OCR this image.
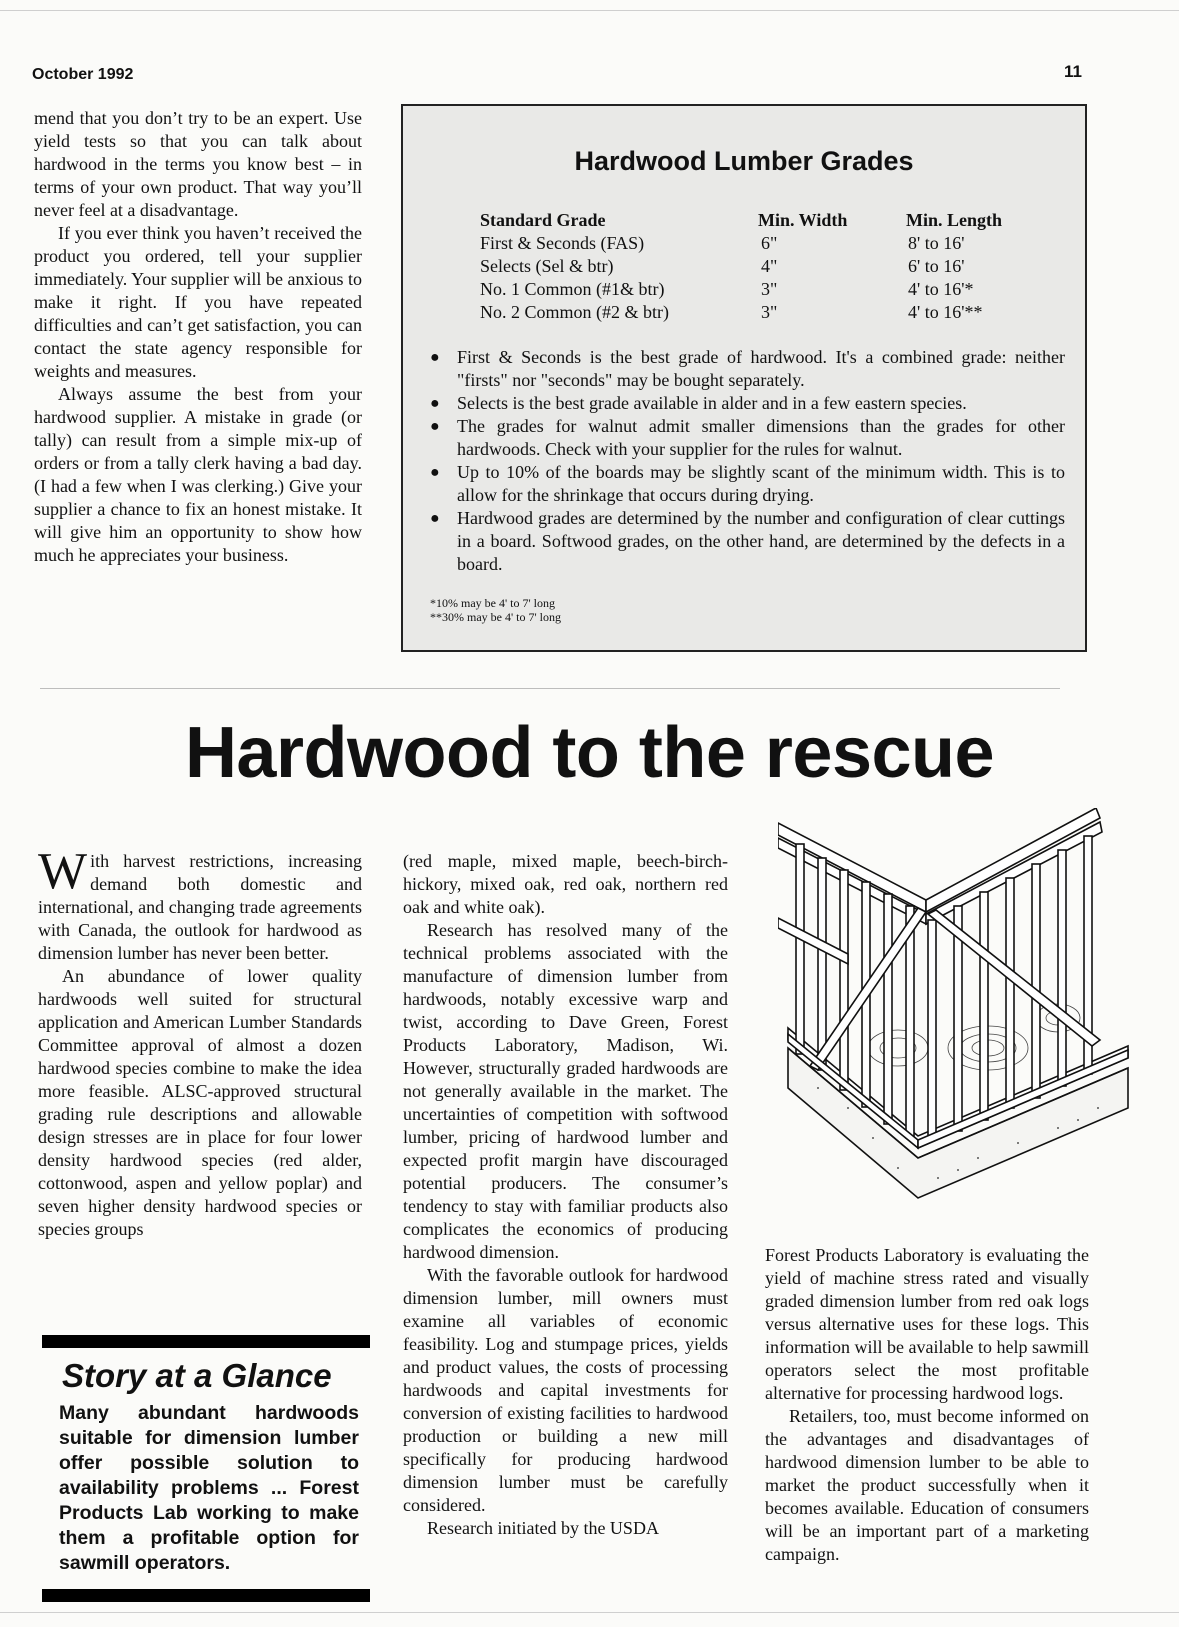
October 1992	11

mend that you don’t try to be an expert. Use yield tests so that you can talk about hardwood in the terms you know best – in terms of your own product. That way you’ll never feel at a disadvantage.

If you ever think you haven’t received the product you ordered, tell your supplier immediately. Your supplier will be anxious to make it right. If you have repeated difficulties and can’t get satisfaction, you can contact the state agency responsible for weights and measures.

Always assume the best from your hardwood supplier. A mistake in grade (or tally) can result from a simple mix-up of orders or from a tally clerk having a bad day. (I had a few when I was clerking.) Give your supplier a chance to fix an honest mistake. It will give him an opportunity to show how much he appreciates your business.

Hardwood Lumber Grades
Standard Grade	Min. Width	Min. Length
First & Seconds (FAS)	6"	8' to 16'
Selects (Sel & btr)	4"	6' to 16'
No. 1 Common (#1& btr)	3"	4' to 16'*
No. 2 Common (#2 & btr)	3"	4' to 16'**
● First & Seconds is the best grade of hardwood. It's a combined grade: neither "firsts" nor "seconds" may be bought separately.
● Selects is the best grade available in alder and in a few eastern species.
● The grades for walnut admit smaller dimensions than the grades for other hardwoods. Check with your supplier for the rules for walnut.
● Up to 10% of the boards may be slightly scant of the minimum width. This is to allow for the shrinkage that occurs during drying.
● Hardwood grades are determined by the number and configuration of clear cuttings in a board. Softwood grades, on the other hand, are determined by the defects in a board.
*10% may be 4' to 7' long
**30% may be 4' to 7' long
Hardwood to the rescue

With harvest restrictions, increasing demand both domestic and international, and changing trade agreements with Canada, the outlook for hardwood as dimension lumber has never been better.

An abundance of lower quality hardwoods well suited for structural application and American Lumber Standards Committee approval of almost a dozen hardwood species combine to make the idea more feasible. ALSC-approved structural grading rule descriptions and allowable design stresses are in place for four lower density hardwood species (red alder, cottonwood, aspen and yellow poplar) and seven higher density hardwood species or species groups

(red maple, mixed maple, beech-birch-hickory, mixed oak, red oak, northern red oak and white oak).

Research has resolved many of the technical problems associated with the manufacture of dimension lumber from hardwoods, notably excessive warp and twist, according to Dave Green, Forest Products Laboratory, Madison, Wi. However, structurally graded hardwoods are not generally available in the market. The uncertainties of competition with softwood lumber, pricing of hardwood lumber and expected profit margin have discouraged potential producers. The consumer’s tendency to stay with familiar products also complicates the economics of producing hardwood dimension.

With the favorable outlook for hardwood dimension lumber, mill owners must examine all variables of economic feasibility. Log and stumpage prices, yields and product values, the costs of processing hardwoods and capital investments for conversion of existing facilities to hardwood production or building a new mill specifically for producing hardwood dimension lumber must be carefully considered.

Research initiated by the USDA

Forest Products Laboratory is evaluating the yield of machine stress rated and visually graded dimension lumber from red oak logs versus alternative uses for these logs. This information will be available to help sawmill operators select the most profitable alternative for processing hardwood logs.

Retailers, too, must become informed on the advantages and disadvantages of hardwood dimension lumber to be able to market the product successfully when it becomes available. Education of consumers will be an important part of a marketing campaign.

Story at a Glance
Many abundant hardwoods suitable for dimension lumber offer possible solution to availability problems ... Forest Products Lab working to make them a profitable option for sawmill operators.
